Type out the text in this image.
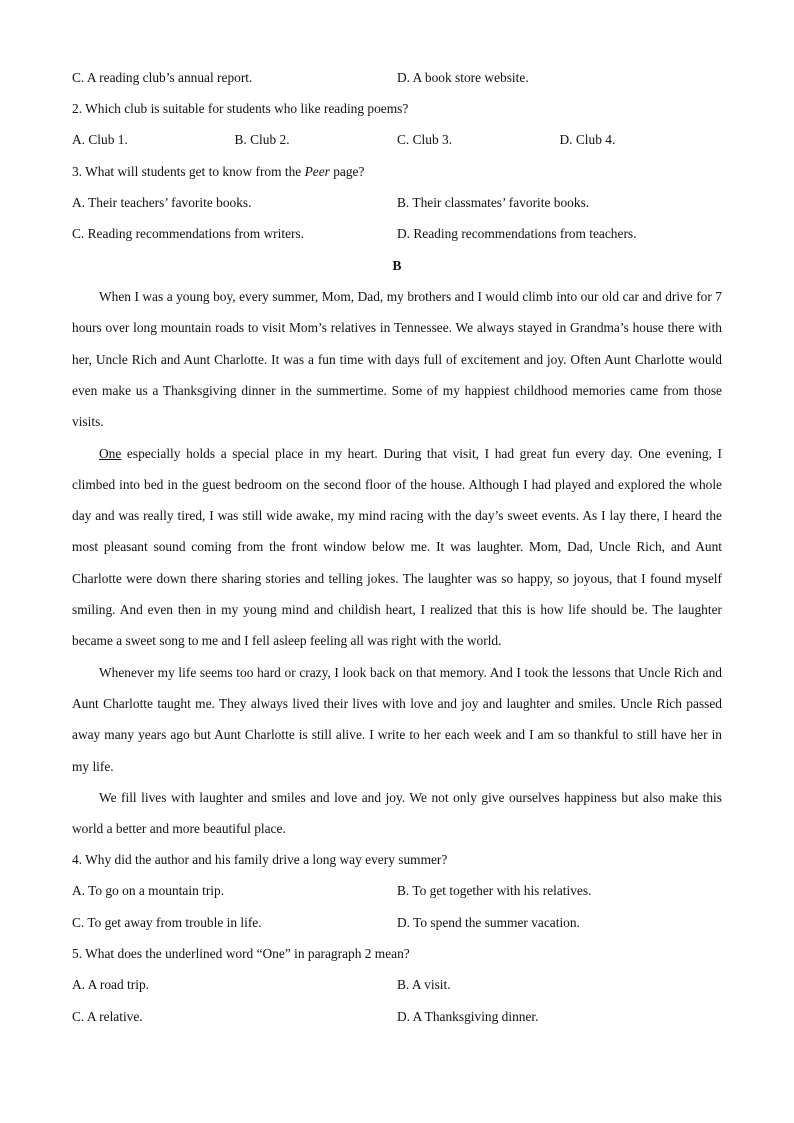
C. A reading club’s annual report.	D. A book store website.
2. Which club is suitable for students who like reading poems?
A. Club 1.	B. Club 2.	C. Club 3.	D. Club 4.
3. What will students get to know from the Peer page?
A. Their teachers’ favorite books.	B. Their classmates’ favorite books.
C. Reading recommendations from writers.	D. Reading recommendations from teachers.
B

When I was a young boy, every summer, Mom, Dad, my brothers and I would climb into our old car and drive for 7 hours over long mountain roads to visit Mom’s relatives in Tennessee. We always stayed in Grandma’s house there with her, Uncle Rich and Aunt Charlotte. It was a fun time with days full of excitement and joy. Often Aunt Charlotte would even make us a Thanksgiving dinner in the summertime. Some of my happiest childhood memories came from those visits.

One especially holds a special place in my heart. During that visit, I had great fun every day. One evening, I climbed into bed in the guest bedroom on the second floor of the house. Although I had played and explored the whole day and was really tired, I was still wide awake, my mind racing with the day’s sweet events. As I lay there, I heard the most pleasant sound coming from the front window below me. It was laughter. Mom, Dad, Uncle Rich, and Aunt Charlotte were down there sharing stories and telling jokes. The laughter was so happy, so joyous, that I found myself smiling. And even then in my young mind and childish heart, I realized that this is how life should be. The laughter became a sweet song to me and I fell asleep feeling all was right with the world.

Whenever my life seems too hard or crazy, I look back on that memory. And I took the lessons that Uncle Rich and Aunt Charlotte taught me. They always lived their lives with love and joy and laughter and smiles. Uncle Rich passed away many years ago but Aunt Charlotte is still alive. I write to her each week and I am so thankful to still have her in my life.

We fill lives with laughter and smiles and love and joy. We not only give ourselves happiness but also make this world a better and more beautiful place.

4. Why did the author and his family drive a long way every summer?
A. To go on a mountain trip.	B. To get together with his relatives.
C. To get away from trouble in life.	D. To spend the summer vacation.
5. What does the underlined word “One” in paragraph 2 mean?
A. A road trip.	B. A visit.
C. A relative.	D. A Thanksgiving dinner.
